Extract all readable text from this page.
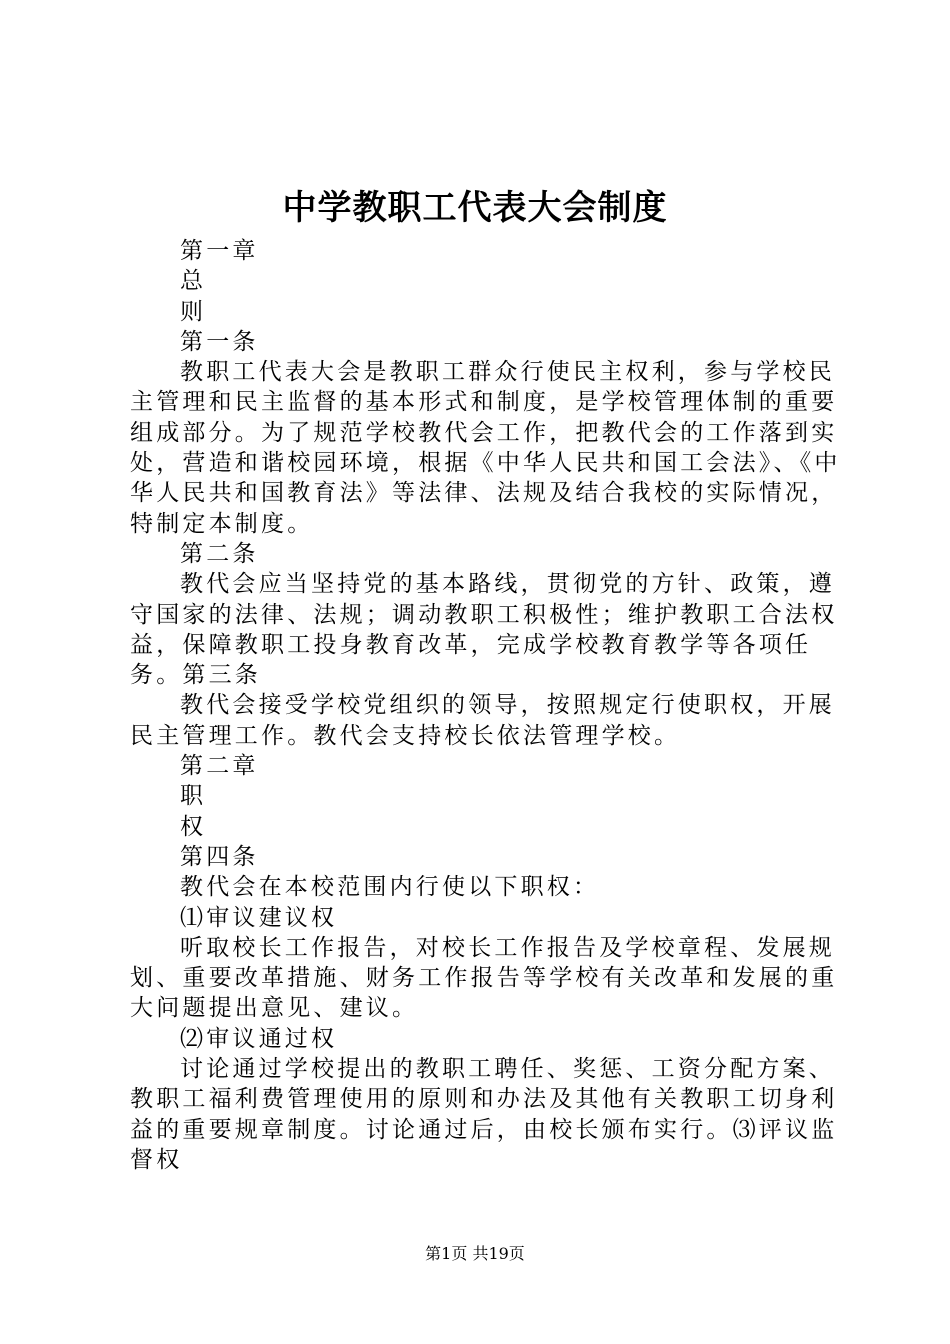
中学教职工代表大会制度

第一章

总

则

第一条

教职工代表大会是教职工群众行使民主权利，参与学校民主管理和民主监督的基本形式和制度，是学校管理体制的重要组成部分。为了规范学校教代会工作，把教代会的工作落到实处，营造和谐校园环境，根据《中华人民共和国工会法》、《中华人民共和国教育法》等法律、法规及结合我校的实际情况，特制定本制度。

第二条

教代会应当坚持党的基本路线，贯彻党的方针、政策，遵守国家的法律、法规；调动教职工积极性；维护教职工合法权益，保障教职工投身教育改革，完成学校教育教学等各项任务。第三条

教代会接受学校党组织的领导，按照规定行使职权，开展民主管理工作。教代会支持校长依法管理学校。

第二章

职

权

第四条

教代会在本校范围内行使以下职权：

⑴审议建议权

听取校长工作报告，对校长工作报告及学校章程、发展规划、重要改革措施、财务工作报告等学校有关改革和发展的重大问题提出意见、建议。

⑵审议通过权

讨论通过学校提出的教职工聘任、奖惩、工资分配方案、教职工福利费管理使用的原则和办法及其他有关教职工切身利益的重要规章制度。讨论通过后，由校长颁布实行。⑶评议监督权

第1页 共19页
